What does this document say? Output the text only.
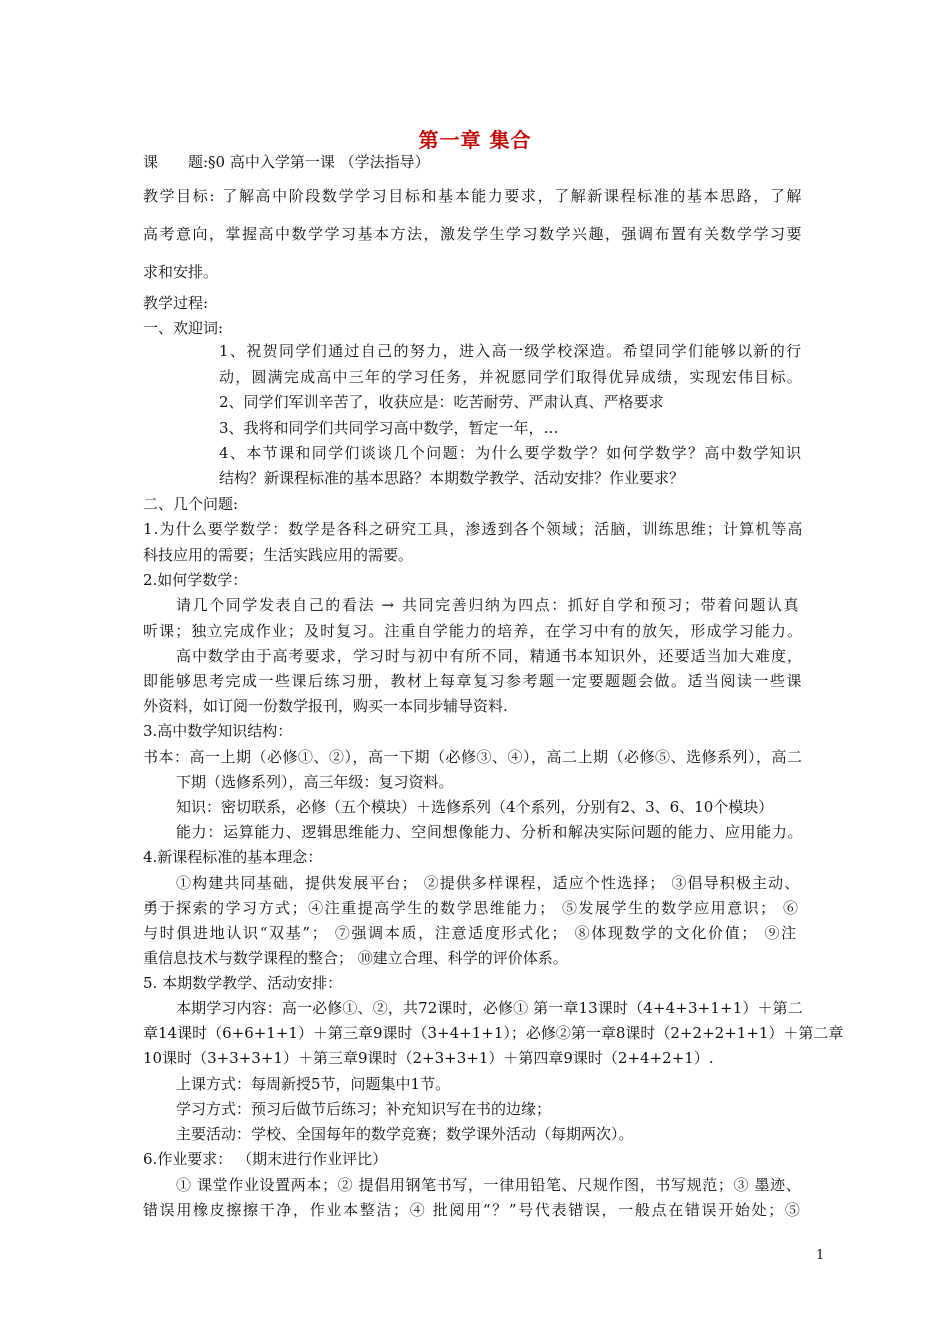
第一章 集合
课　　题:§0 高中入学第一课 （学法指导）
教学目标: 了解高中阶段数学学习目标和基本能力要求，了解新课程标准的基本思路，了解
高考意向，掌握高中数学学习基本方法，激发学生学习数学兴趣，强调布置有关数学学习要
求和安排。
教学过程:
一、欢迎词:
1、祝贺同学们通过自己的努力，进入高一级学校深造。希望同学们能够以新的行
动，圆满完成高中三年的学习任务，并祝愿同学们取得优异成绩，实现宏伟目标。
2、同学们军训辛苦了，收获应是：吃苦耐劳、严肃认真、严格要求
3、我将和同学们共同学习高中数学，暂定一年，…
4、本节课和同学们谈谈几个问题：为什么要学数学？如何学数学？高中数学知识
结构？新课程标准的基本思路？本期数学教学、活动安排？作业要求？
二、几个问题:
1.为什么要学数学：数学是各科之研究工具，渗透到各个领域；活脑，训练思维；计算机等高
科技应用的需要；生活实践应用的需要。
2.如何学数学：
请几个同学发表自己的看法 → 共同完善归纳为四点：抓好自学和预习；带着问题认真
听课；独立完成作业；及时复习。注重自学能力的培养，在学习中有的放矢，形成学习能力。
高中数学由于高考要求，学习时与初中有所不同，精通书本知识外，还要适当加大难度，
即能够思考完成一些课后练习册，教材上每章复习参考题一定要题题会做。适当阅读一些课
外资料，如订阅一份数学报刊，购买一本同步辅导资料.
3.高中数学知识结构：
书本：高一上期（必修①、②），高一下期（必修③、④），高二上期（必修⑤、选修系列），高二
下期（选修系列），高三年级：复习资料。
知识：密切联系，必修（五个模块）＋选修系列（4个系列，分别有2、3、6、10个模块）
能力：运算能力、逻辑思维能力、空间想像能力、分析和解决实际问题的能力、应用能力。
4.新课程标准的基本理念：
①构建共同基础，提供发展平台； ②提供多样课程，适应个性选择； ③倡导积极主动、
勇于探索的学习方式；④注重提高学生的数学思维能力； ⑤发展学生的数学应用意识； ⑥
与时俱进地认识“双基”； ⑦强调本质，注意适度形式化； ⑧体现数学的文化价值； ⑨注
重信息技术与数学课程的整合； ⑩建立合理、科学的评价体系。
5. 本期数学教学、活动安排：
本期学习内容：高一必修①、②，共72课时，必修① 第一章13课时（4+4+3+1+1）＋第二
章14课时（6+6+1+1）＋第三章9课时（3+4+1+1）；必修②第一章8课时（2+2+2+1+1）＋第二章
10课时（3+3+3+1）＋第三章9课时（2+3+3+1）＋第四章9课时（2+4+2+1）.
上课方式：每周新授5节，问题集中1节。
学习方式：预习后做节后练习；补充知识写在书的边缘；
主要活动：学校、全国每年的数学竞赛；数学课外活动（每期两次）。
6.作业要求： （期末进行作业评比）
① 课堂作业设置两本；② 提倡用钢笔书写，一律用铅笔、尺规作图，书写规范；③ 墨迹、
错误用橡皮擦擦干净，作业本整洁；④ 批阅用“？”号代表错误，一般点在错误开始处；⑤
1
